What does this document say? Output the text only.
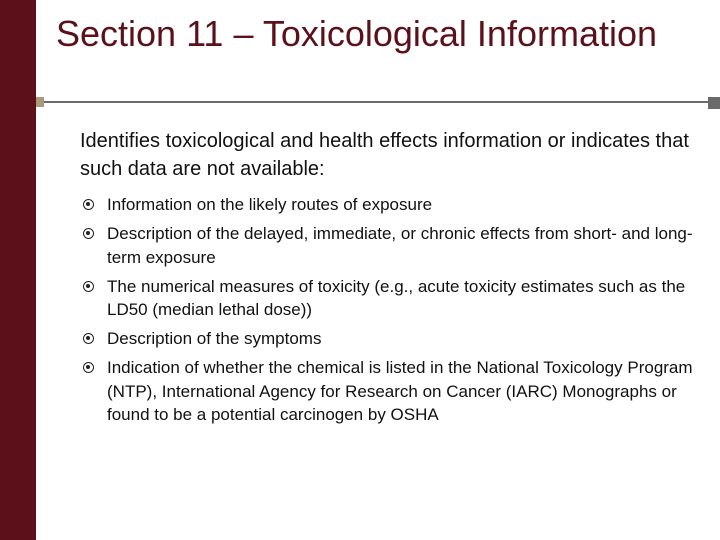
Section 11 – Toxicological Information

Identifies toxicological and health effects information or indicates that such data are not available:

Information on the likely routes of exposure
Description of the delayed, immediate, or chronic effects from short- and long-term exposure
The numerical measures of toxicity (e.g., acute toxicity estimates such as the LD50 (median lethal dose))
Description of the symptoms
Indication of whether the chemical is listed in the National Toxicology Program (NTP), International Agency for Research on Cancer (IARC) Monographs or found to be a potential carcinogen by OSHA
